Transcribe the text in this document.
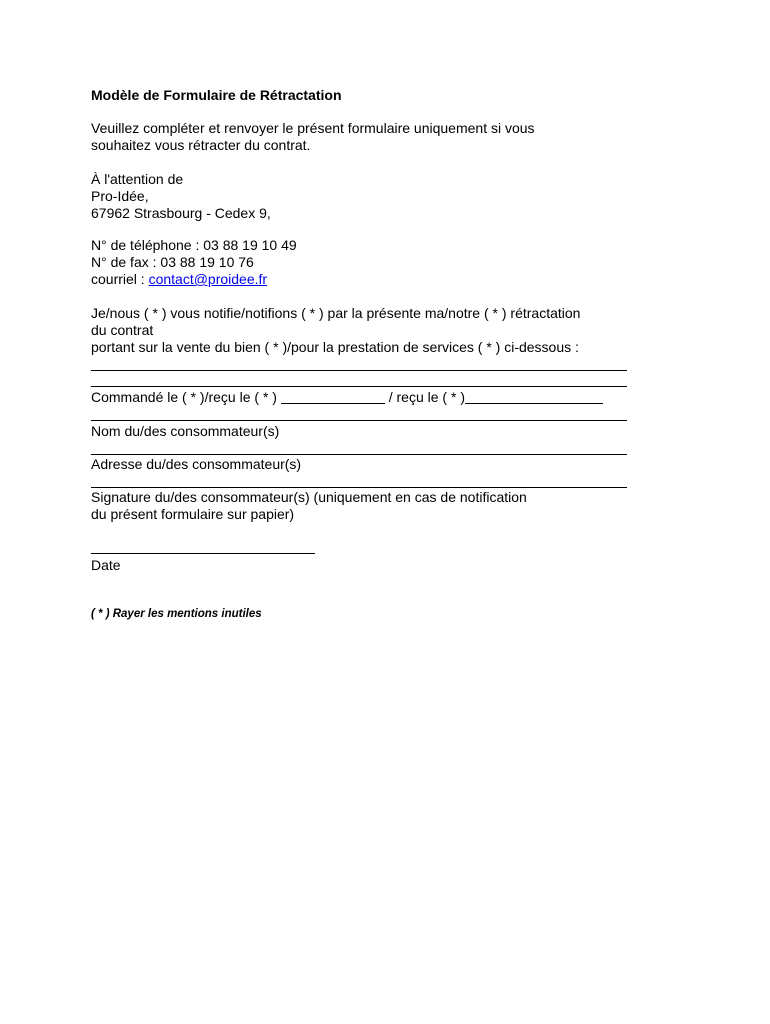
Modèle de Formulaire de Rétractation
Veuillez compléter et renvoyer le présent formulaire uniquement si vous
souhaitez vous rétracter du contrat.
À l'attention de
Pro-Idée,
67962 Strasbourg - Cedex 9,
N° de téléphone : 03 88 19 10 49
N° de fax : 03 88 19 10 76
courriel : contact@proidee.fr
Je/nous ( * ) vous notifie/notifions ( * ) par la présente ma/notre ( * ) rétractation
du contrat
portant sur la vente du bien ( * )/pour la prestation de services ( * ) ci-dessous :
Commandé le ( * )/reçu le ( * )	/ reçu le ( * )
Nom du/des consommateur(s)
Adresse du/des consommateur(s)
Signature du/des consommateur(s) (uniquement en cas de notification
du présent formulaire sur papier)
Date
( * ) Rayer les mentions inutiles
